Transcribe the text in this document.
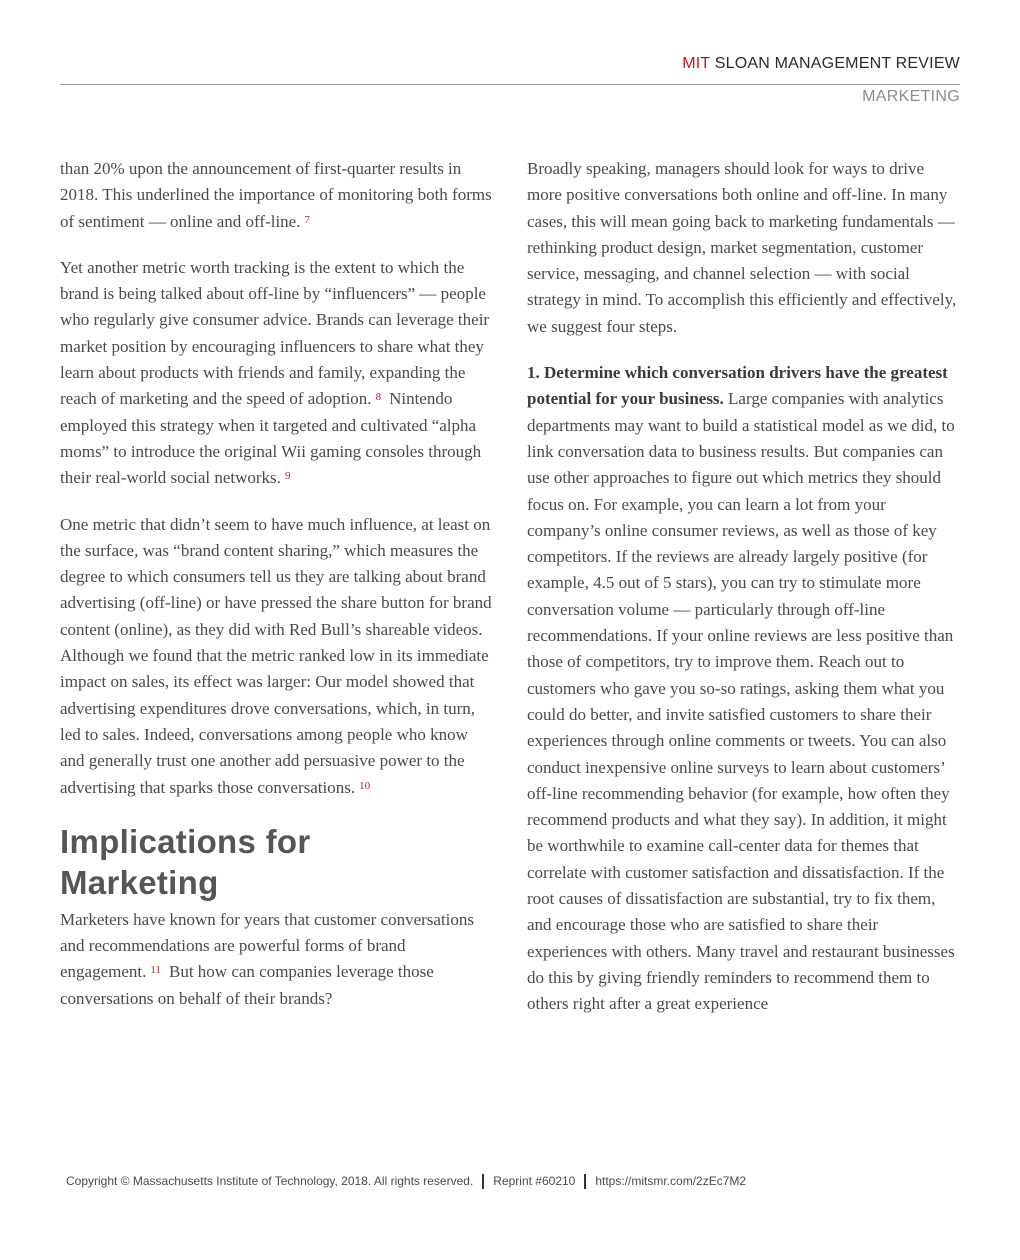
MIT SLOAN MANAGEMENT REVIEW
MARKETING

than 20% upon the announcement of first-quarter results in 2018. This underlined the importance of monitoring both forms of sentiment — online and off-line. $^7$

Yet another metric worth tracking is the extent to which the brand is being talked about off-line by “influencers” — people who regularly give consumer advice. Brands can leverage their market position by encouraging influencers to share what they learn about products with friends and family, expanding the reach of marketing and the speed of adoption. $^8$ Nintendo employed this strategy when it targeted and cultivated “alpha moms” to introduce the original Wii gaming consoles through their real-world social networks. $^9$

One metric that didn’t seem to have much influence, at least on the surface, was “brand content sharing,” which measures the degree to which consumers tell us they are talking about brand advertising (off-line) or have pressed the share button for brand content (online), as they did with Red Bull’s shareable videos. Although we found that the metric ranked low in its immediate impact on sales, its effect was larger: Our model showed that advertising expenditures drove conversations, which, in turn, led to sales. Indeed, conversations among people who know and generally trust one another add persuasive power to the advertising that sparks those conversations. $^{10}$

Implications for
Marketing

Marketers have known for years that customer conversations and recommendations are powerful forms of brand engagement. $^{11}$ But how can companies leverage those conversations on behalf of their brands?

Broadly speaking, managers should look for ways to drive more positive conversations both online and off-line. In many cases, this will mean going back to marketing fundamentals — rethinking product design, market segmentation, customer service, messaging, and channel selection — with social strategy in mind. To accomplish this efficiently and effectively, we suggest four steps.

1. Determine which conversation drivers have the greatest potential for your business. Large companies with analytics departments may want to build a statistical model as we did, to link conversation data to business results. But companies can use other approaches to figure out which metrics they should focus on. For example, you can learn a lot from your company’s online consumer reviews, as well as those of key competitors. If the reviews are already largely positive (for example, 4.5 out of 5 stars), you can try to stimulate more conversation volume — particularly through off-line recommendations. If your online reviews are less positive than those of competitors, try to improve them. Reach out to customers who gave you so-so ratings, asking them what you could do better, and invite satisfied customers to share their experiences through online comments or tweets. You can also conduct inexpensive online surveys to learn about customers’ off-line recommending behavior (for example, how often they recommend products and what they say). In addition, it might be worthwhile to examine call-center data for themes that correlate with customer satisfaction and dissatisfaction. If the root causes of dissatisfaction are substantial, try to fix them, and encourage those who are satisfied to share their experiences with others. Many travel and restaurant businesses do this by giving friendly reminders to recommend them to others right after a great experience

Copyright © Massachusetts Institute of Technology, 2018. All rights reserved. Reprint #60210 https://mitsmr.com/2zEc7M2
